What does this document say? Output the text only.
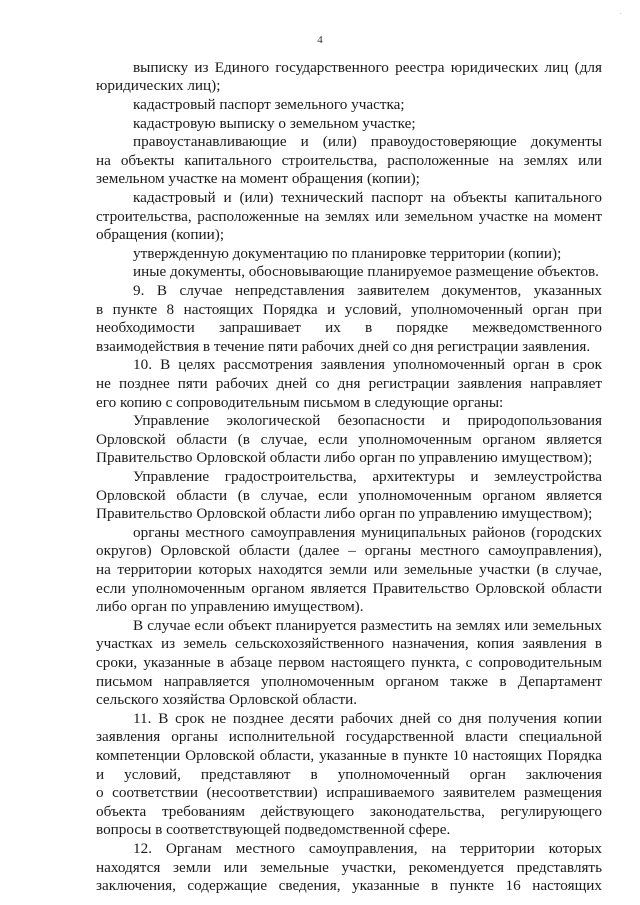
·
4
выписку из Единого государственного реестра юридических лиц (для
юридических лиц);
кадастровый паспорт земельного участка;
кадастровую выписку о земельном участке;
правоустанавливающие и (или) правоудостоверяющие документы
на объекты капитального строительства, расположенные на землях или
земельном участке на момент обращения (копии);
кадастровый и (или) технический паспорт на объекты капитального
строительства, расположенные на землях или земельном участке на момент
обращения (копии);
утвержденную документацию по планировке территории (копии);
иные документы, обосновывающие планируемое размещение объектов.
9. В случае непредставления заявителем документов, указанных
в пункте 8 настоящих Порядка и условий, уполномоченный орган при
необходимости запрашивает их в порядке межведомственного
взаимодействия в течение пяти рабочих дней со дня регистрации заявления.
10. В целях рассмотрения заявления уполномоченный орган в срок
не позднее пяти рабочих дней со дня регистрации заявления направляет
его копию с сопроводительным письмом в следующие органы:
Управление экологической безопасности и природопользования
Орловской области (в случае, если уполномоченным органом является
Правительство Орловской области либо орган по управлению имуществом);
Управление градостроительства, архитектуры и землеустройства
Орловской области (в случае, если уполномоченным органом является
Правительство Орловской области либо орган по управлению имуществом);
органы местного самоуправления муниципальных районов (городских
округов) Орловской области (далее – органы местного самоуправления),
на территории которых находятся земли или земельные участки (в случае,
если уполномоченным органом является Правительство Орловской области
либо орган по управлению имуществом).
В случае если объект планируется разместить на землях или земельных
участках из земель сельскохозяйственного назначения, копия заявления в
сроки, указанные в абзаце первом настоящего пункта, с сопроводительным
письмом направляется уполномоченным органом также в Департамент
сельского хозяйства Орловской области.
11. В срок не позднее десяти рабочих дней со дня получения копии
заявления органы исполнительной государственной власти специальной
компетенции Орловской области, указанные в пункте 10 настоящих Порядка
и условий, представляют в уполномоченный орган заключения
о соответствии (несоответствии) испрашиваемого заявителем размещения
объекта требованиям действующего законодательства, регулирующего
вопросы в соответствующей подведомственной сфере.
12. Органам местного самоуправления, на территории которых
находятся земли или земельные участки, рекомендуется представлять
заключения, содержащие сведения, указанные в пункте 16 настоящих
